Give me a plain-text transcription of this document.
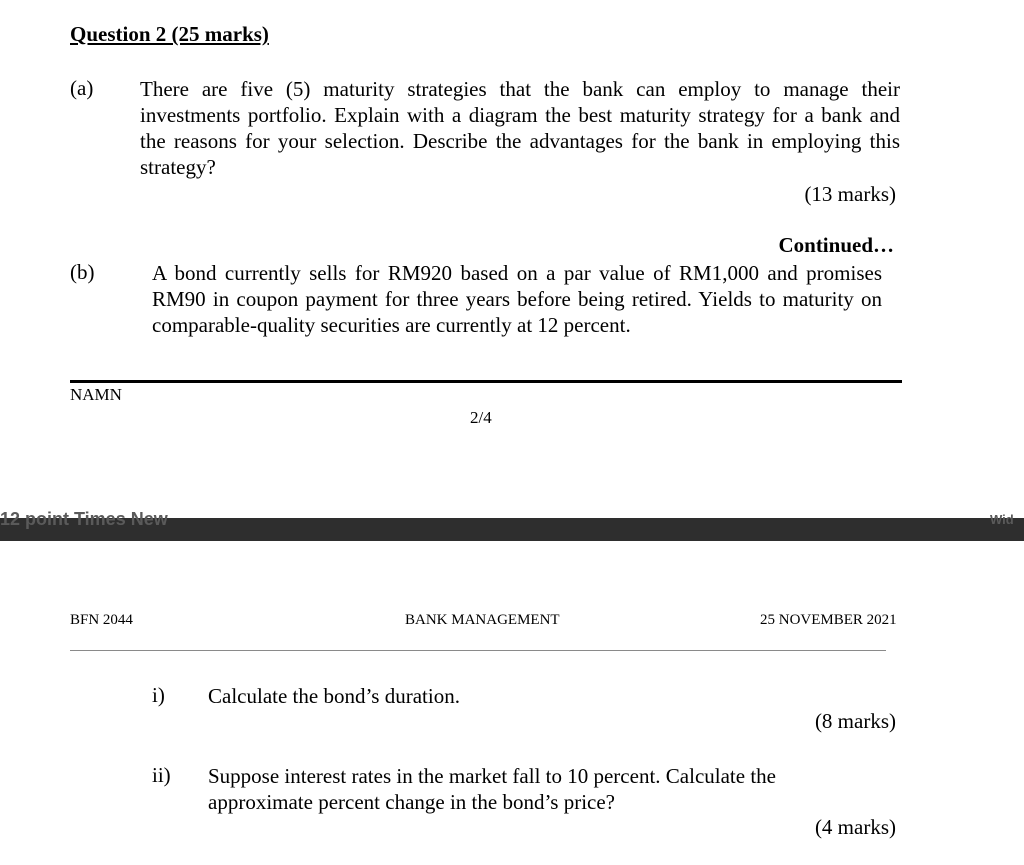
Question 2 (25 marks)
(a) There are five (5) maturity strategies that the bank can employ to manage their investments portfolio. Explain with a diagram the best maturity strategy for a bank and the reasons for your selection. Describe the advantages for the bank in employing this strategy?
(13 marks)
Continued…
(b)	A bond currently sells for RM920 based on a par value of RM1,000 and promises RM90 in coupon payment for three years before being retired. Yields to maturity on comparable-quality securities are currently at 12 percent.
NAMN
2/4
12 point Times New	Wid
BFN 2044	BANK MANAGEMENT	25 NOVEMBER 2021
i) Calculate the bond’s duration.
(8 marks)
ii) Suppose interest rates in the market fall to 10 percent. Calculate the approximate percent change in the bond’s price?
(4 marks)
